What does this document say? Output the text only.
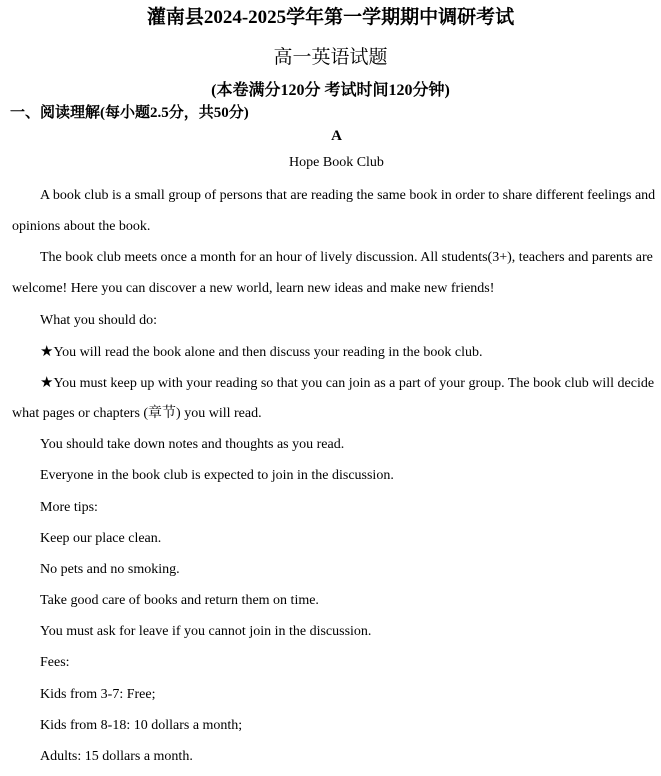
灌南县2024-2025学年第一学期期中调研考试
高一英语试题
(本卷满分120分 考试时间120分钟)
一、阅读理解(每小题2.5分，共50分)
A
Hope Book Club
A book club is a small group of persons that are reading the same book in order to share different feelings and
opinions about the book.
The book club meets once a month for an hour of lively discussion. All students(3+), teachers and parents are
welcome! Here you can discover a new world, learn new ideas and make new friends!
What you should do:
★You will read the book alone and then discuss your reading in the book club.
★You must keep up with your reading so that you can join as a part of your group. The book club will decide
what pages or chapters (章节) you will read.
You should take down notes and thoughts as you read.
Everyone in the book club is expected to join in the discussion.
More tips:
Keep our place clean.
No pets and no smoking.
Take good care of books and return them on time.
You must ask for leave if you cannot join in the discussion.
Fees:
Kids from 3-7: Free;
Kids from 8-18: 10 dollars a month;
Adults: 15 dollars a month.
